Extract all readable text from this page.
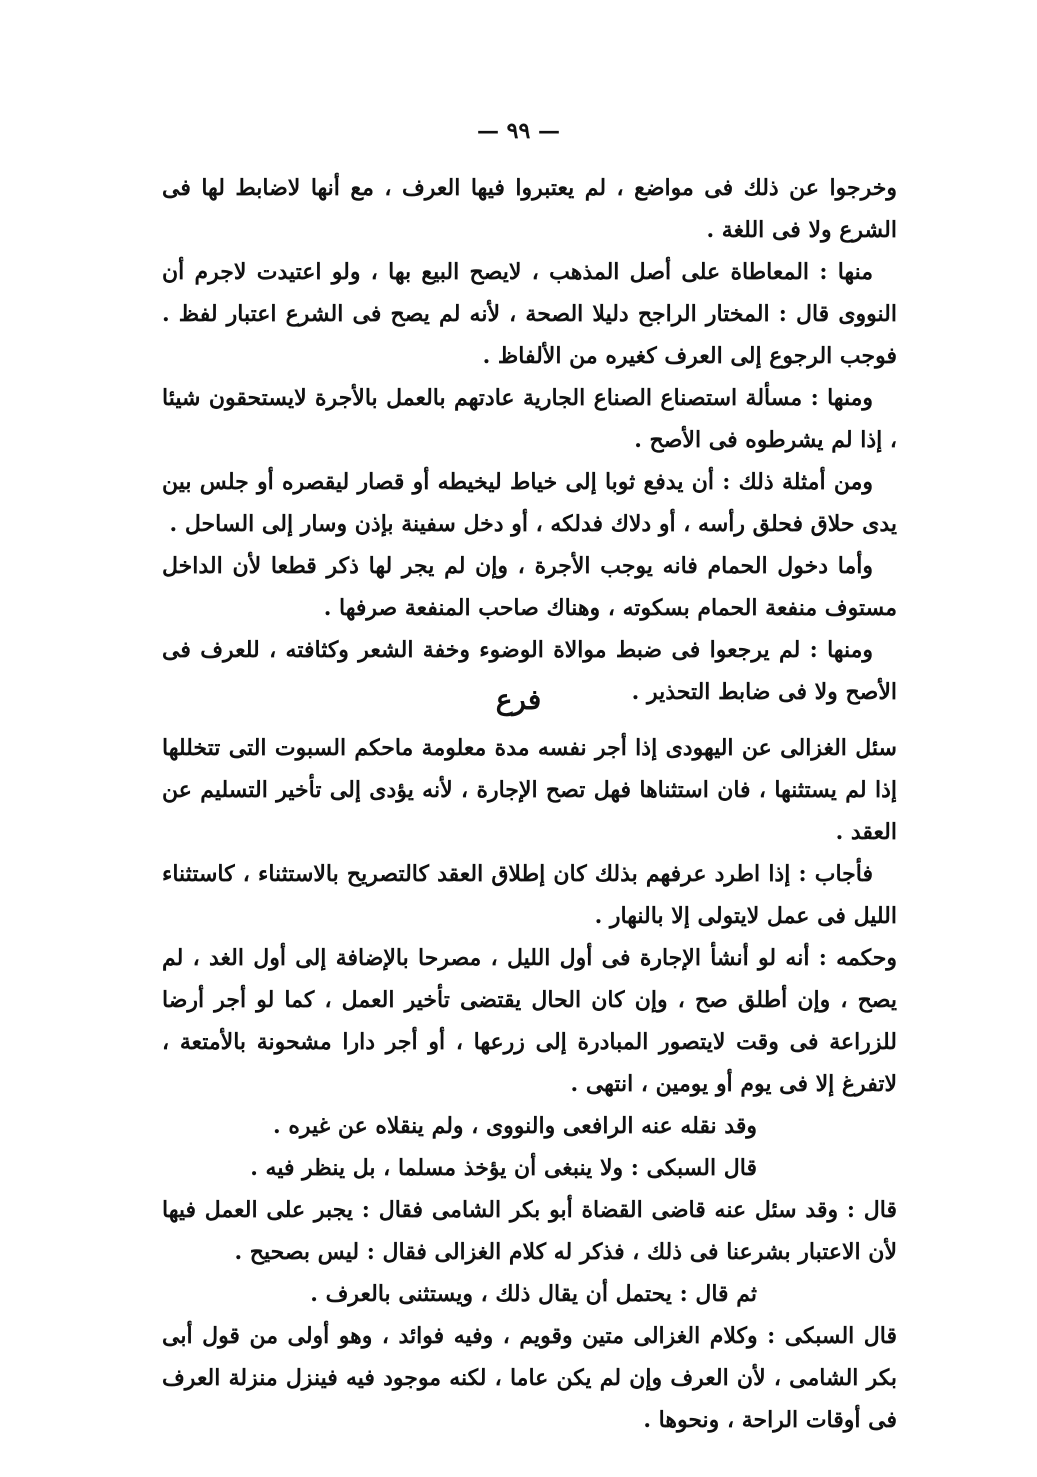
— ٩٩ —

وخرجوا عن ذلك فى مواضع ، لم يعتبروا فيها العرف ، مع أنها لاضابط لها فى الشرع ولا فى اللغة .

منها : المعاطاة على أصل المذهب ، لايصح البيع بها ، ولو اعتيدت لاجرم أن النووى قال : المختار الراجح دليلا الصحة ، لأنه لم يصح فى الشرع اعتبار لفظ . فوجب الرجوع إلى العرف كغيره من الألفاظ .

ومنها : مسألة استصناع الصناع الجارية عادتهم بالعمل بالأجرة لايستحقون شيئا ، إذا لم يشرطوه فى الأصح .

ومن أمثلة ذلك : أن يدفع ثوبا إلى خياط ليخيطه أو قصار ليقصره أو جلس بين يدى حلاق فحلق رأسه ، أو دلاك فدلكه ، أو دخل سفينة بإذن وسار إلى الساحل .

وأما دخول الحمام فانه يوجب الأجرة ، وإن لم يجر لها ذكر قطعا لأن الداخل مستوف منفعة الحمام بسكوته ، وهناك صاحب المنفعة صرفها .

ومنها : لم يرجعوا فى ضبط موالاة الوضوء وخفة الشعر وكثافته ، للعرف فى الأصح ولا فى ضابط التحذير .

فرع

سئل الغزالى عن اليهودى إذا أجر نفسه مدة معلومة ماحكم السبوت التى تتخللها إذا لم يستثنها ، فان استثناها فهل تصح الإجارة ، لأنه يؤدى إلى تأخير التسليم عن العقد .

فأجاب : إذا اطرد عرفهم بذلك كان إطلاق العقد كالتصريح بالاستثناء ، كاستثناء الليل فى عمل لايتولى إلا بالنهار .

وحكمه : أنه لو أنشأ الإجارة فى أول الليل ، مصرحا بالإضافة إلى أول الغد ، لم يصح ، وإن أطلق صح ، وإن كان الحال يقتضى تأخير العمل ، كما لو أجر أرضا للزراعة فى وقت لايتصور المبادرة إلى زرعها ، أو أجر دارا مشحونة بالأمتعة ، لاتفرغ إلا فى يوم أو يومين ، انتهى .

وقد نقله عنه الرافعى والنووى ، ولم ينقلاه عن غيره .

قال السبكى : ولا ينبغى أن يؤخذ مسلما ، بل ينظر فيه .

قال : وقد سئل عنه قاضى القضاة أبو بكر الشامى فقال : يجبر على العمل فيها لأن الاعتبار بشرعنا فى ذلك ، فذكر له كلام الغزالى فقال : ليس بصحيح .

ثم قال : يحتمل أن يقال ذلك ، ويستثنى بالعرف .

قال السبكى : وكلام الغزالى متين وقويم ، وفيه فوائد ، وهو أولى من قول أبى بكر الشامى ، لأن العرف وإن لم يكن عاما ، لكنه موجود فيه فينزل منزلة العرف فى أوقات الراحة ، ونحوها .
